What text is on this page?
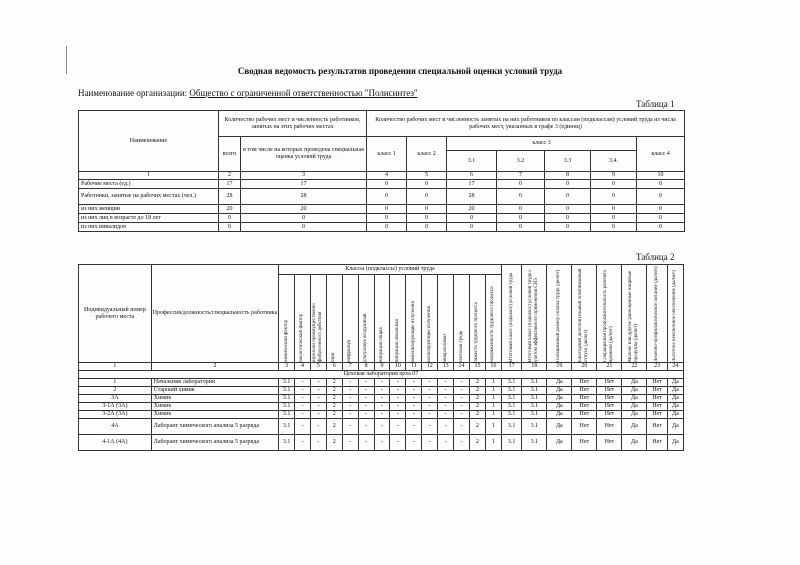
Сводная ведомость результатов проведения специальной оценки условий труда
Наименование организации: Общество с ограниченной ответственностью "Полисинтез"
Таблица 1
Наименование	Количество рабочих мест и численность работников, занятых на этих рабочих местах		Количество рабочих мест и численность занятых на них работников по классам (подклассам) условий труда из числа рабочих мест, указанных в графе 3 (единиц)						
	всего	в том числе на которых проведена специальная оценка условий труда	класс 1	класс 2	класс 3				класс 4
					3.1	3.2	3.3	3.4.	
1	2	3	4	5	6	7	8	9	10
Рабочие места (ед.)	17	17	0	0	17	0	0	0	0
Работники, занятые на рабочих местах (чел.)	28	28	0	0	28	0	0	0	0
из них женщин	20	20	0	0	20	0	0	0	0
из них лиц в возрасте до 18 лет	0	0	0	0	0	0	0	0	0
из них инвалидов	0	0	0	0	0	0	0	0	0
Таблица 2
Индивидуальный номер рабочего места	Профессия/должность/специальность работника	Классы (подклассы) условий труда														Итоговый класс (подкласс) условий труда	Итоговый класс (подкласс) условий труда с учетом эффективного применения СИЗ	Повышенный размер оплаты труда (да/нет)	Ежегодный дополнительный оплачиваемый отпуск (да/нет)	Сокращенная продолжительность рабочего времени (да/нет)	Молоко или другие равноценные пищевые продукты (да/нет)	Лечебно-профилактическое питание (да/нет)	Льготное пенсионное обеспечение (да/нет)

		химический фактор	биологический фактор	аэрозоли преимущественно фиброгенного действия	шум	инфразвук	ультразвук воздушный	вибрация общая	вибрация локальная	неионизирующие излучения	ионизирующие излучения	микроклимат	световая среда	тяжесть трудового процесса	напряженность трудового процесса								

1	2	3	4	5	6	7	8	9	10	11	12	13	14	15	16	17	18	19	20	21	22	23	24
Цеховая лаборатория цеха 07																							
1	Начальник лаборатории	3.1	-	-	2	-	-	-	-	-	-	-	-	2	1	3.1	3.1	Да	Нет	Нет	Да	Нет	Да
2	Старший химик	3.1	-	-	2	-	-	-	-	-	-	-	-	2	1	3.1	3.1	Да	Нет	Нет	Да	Нет	Да
3А	Химик	3.1	-	-	2	-	-	-	-	-	-	-	-	2	1	3.1	3.1	Да	Нет	Нет	Да	Нет	Да
3-1А (3А)	Химик	3.1	-	-	2	-	-	-	-	-	-	-	-	2	1	3.1	3.1	Да	Нет	Нет	Да	Нет	Да
3-2А (3А)	Химик	3.1	-	-	2	-	-	-	-	-	-	-	-	2	1	3.1	3.1	Да	Нет	Нет	Да	Нет	Да
4А	Лаборант химического анализа 5 разряда	3.1	-	-	2	-	-	-	-	-	-	-	-	2	1	3.1	3.1	Да	Нет	Нет	Да	Нет	Да
4-1А (4А)	Лаборант химического анализа 5 разряда	3.1	-	-	2	-	-	-	-	-	-	-	-	2	1	3.1	3.1	Да	Нет	Нет	Да	Нет	Да
